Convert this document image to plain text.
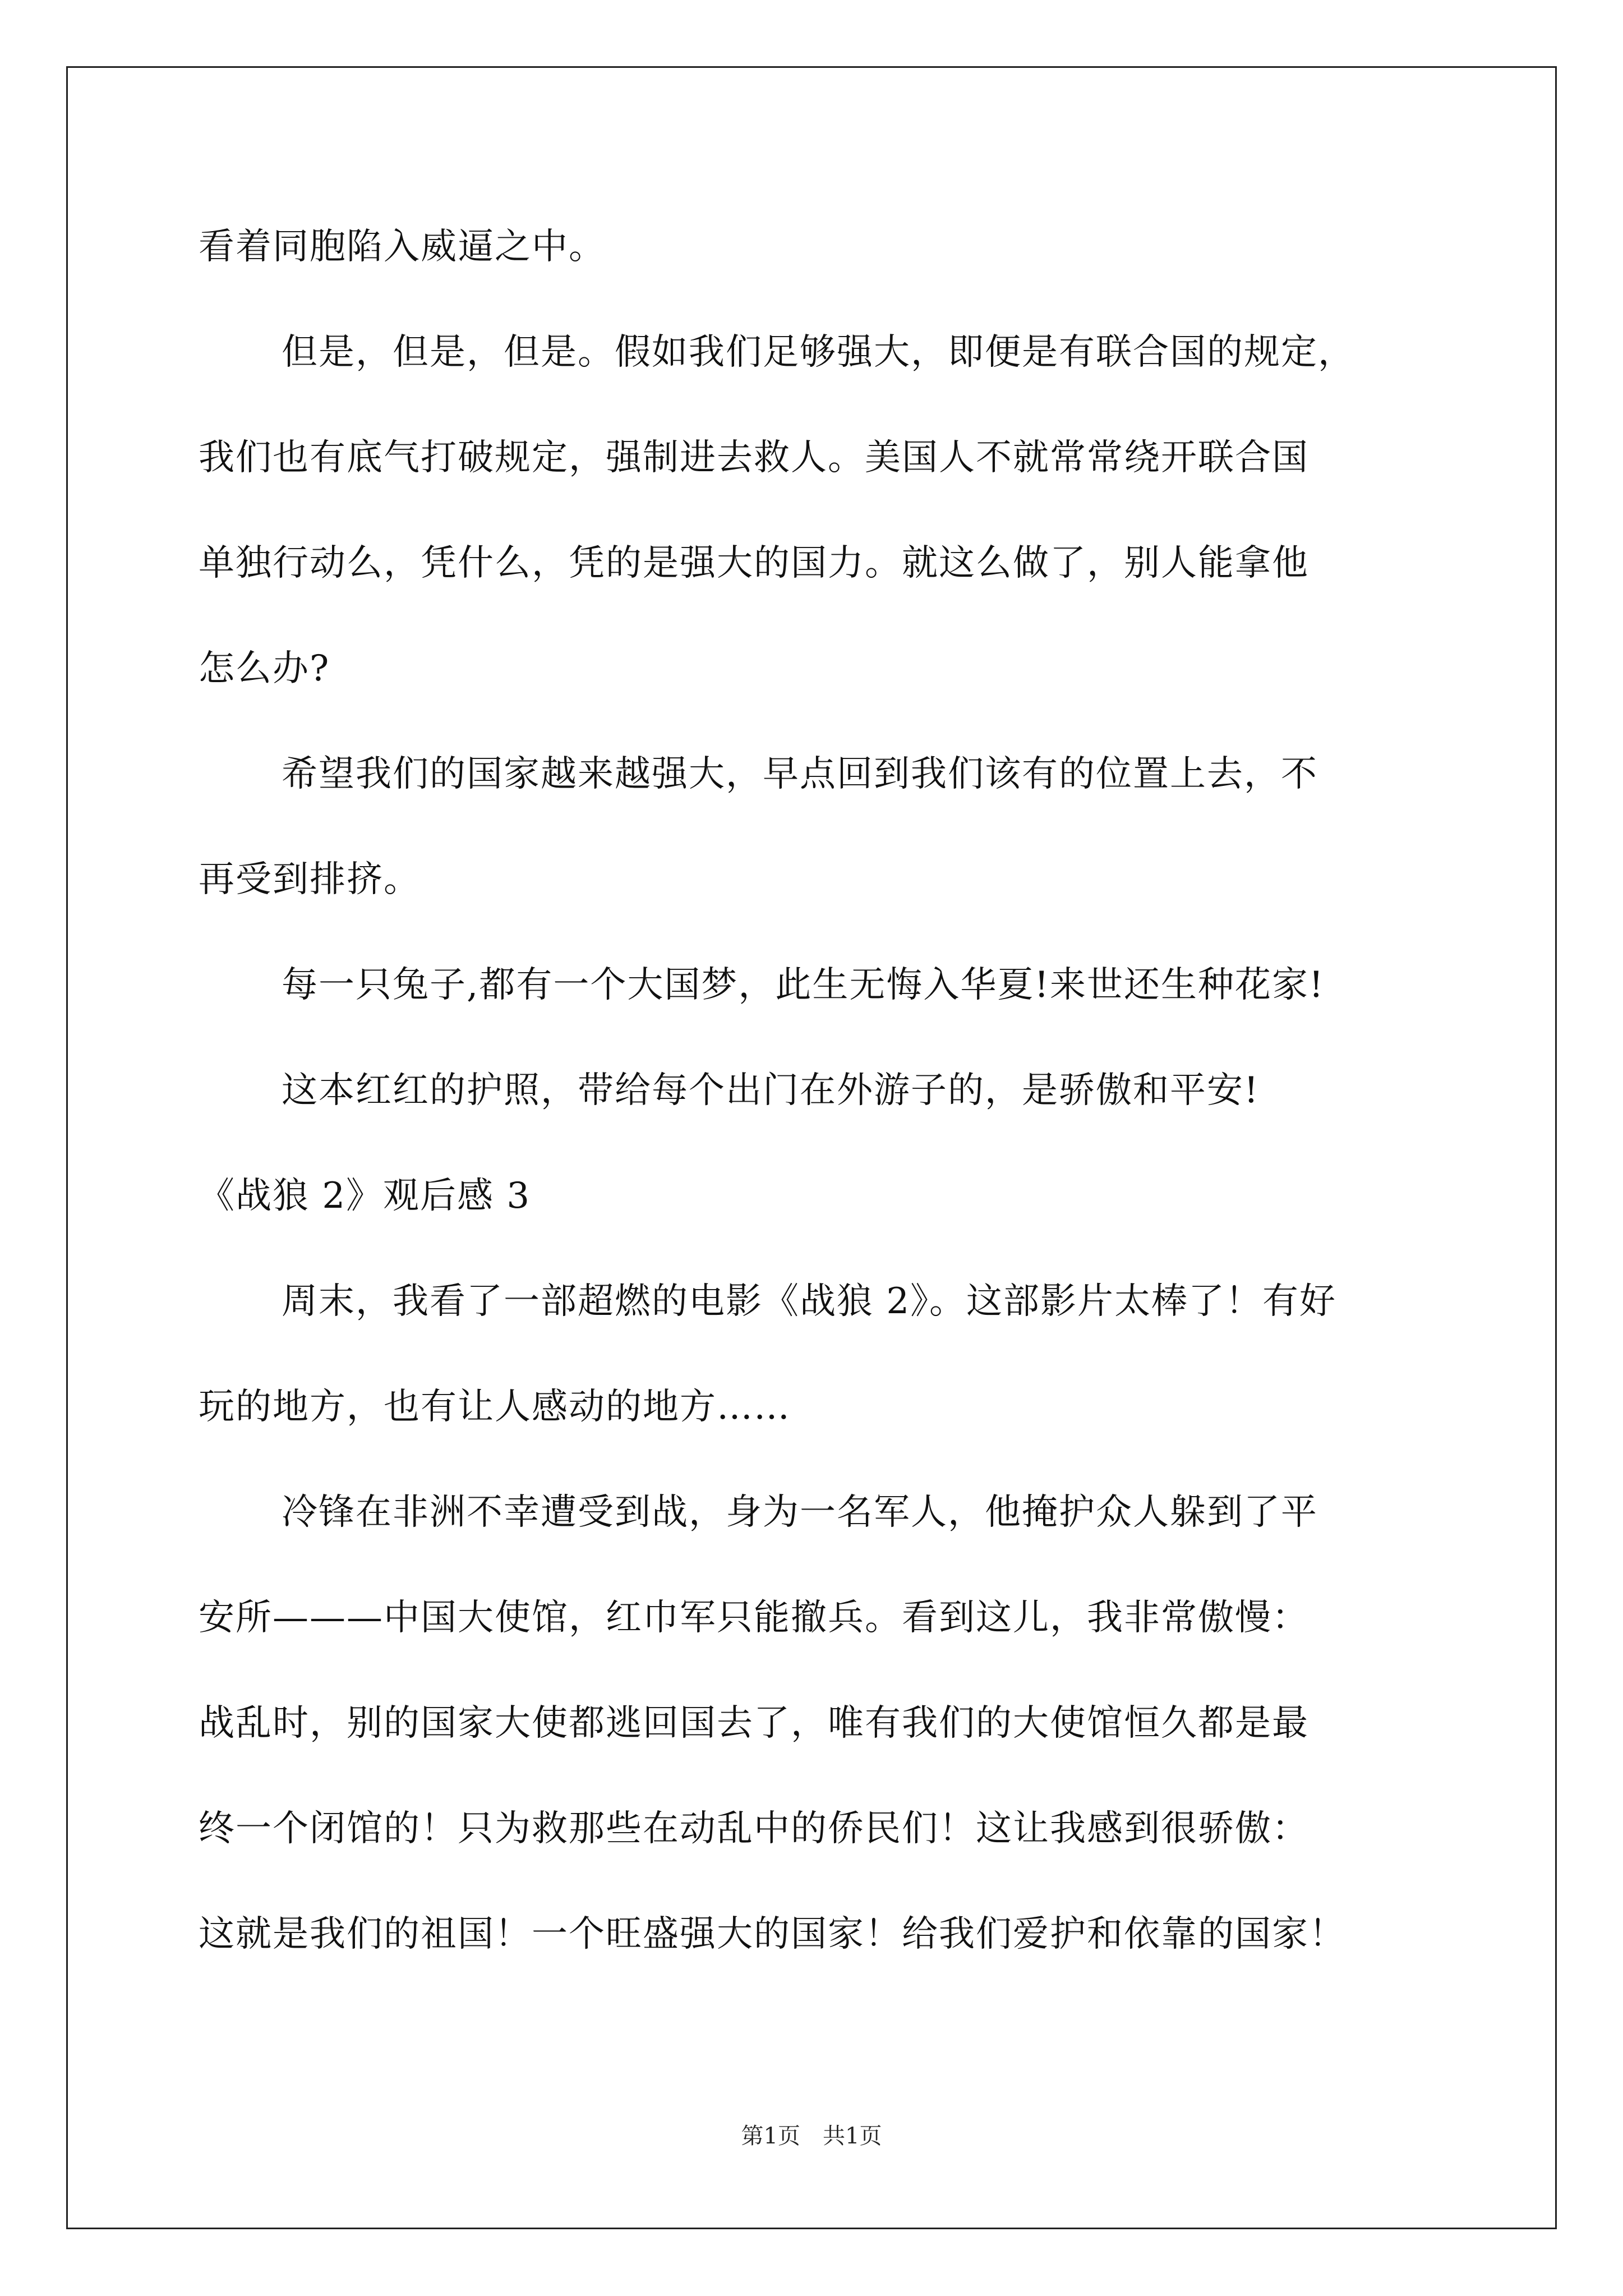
看着同胞陷入威逼之中。
但是，但是，但是。假如我们足够强大，即便是有联合国的规定，
我们也有底气打破规定，强制进去救人。美国人不就常常绕开联合国
单独行动么，凭什么，凭的是强大的国力。就这么做了，别人能拿他
怎么办?
希望我们的国家越来越强大，早点回到我们该有的位置上去，不
再受到排挤。
每一只兔子,都有一个大国梦，此生无悔入华夏!来世还生种花家!
这本红红的护照，带给每个出门在外游子的，是骄傲和平安!
《战狼 2》观后感 3
周末，我看了一部超燃的电影《战狼 2》。这部影片太棒了！有好
玩的地方，也有让人感动的地方……
冷锋在非洲不幸遭受到战，身为一名军人，他掩护众人躲到了平
安所———中国大使馆，红巾军只能撤兵。看到这儿，我非常傲慢：
战乱时，别的国家大使都逃回国去了，唯有我们的大使馆恒久都是最
终一个闭馆的！只为救那些在动乱中的侨民们！这让我感到很骄傲：
这就是我们的祖国！一个旺盛强大的国家！给我们爱护和依靠的国家！
第1页　共1页
